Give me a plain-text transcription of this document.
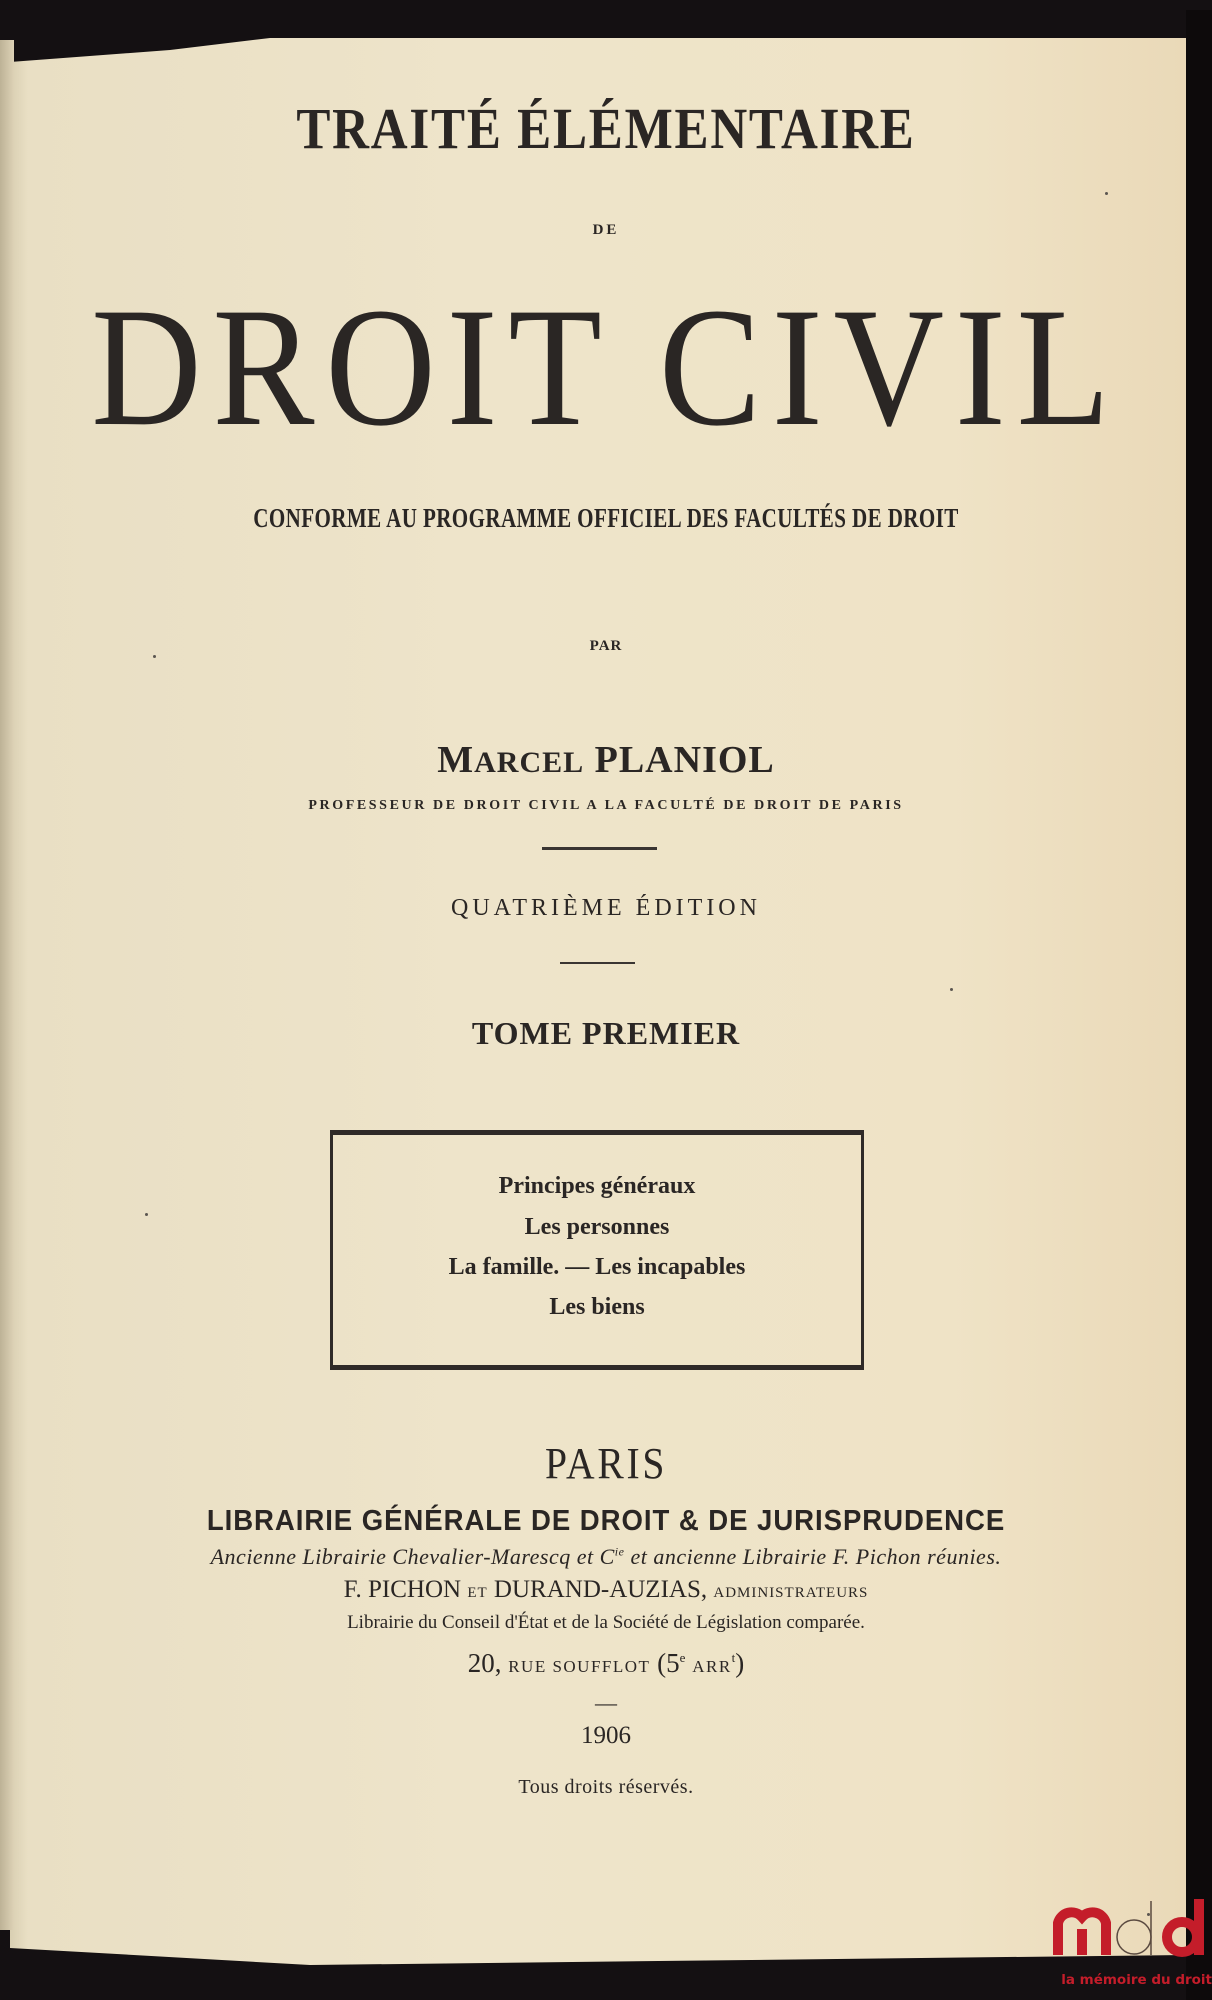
TRAITÉ ÉLÉMENTAIRE
DE
DROIT CIVIL
CONFORME AU PROGRAMME OFFICIEL DES FACULTÉS DE DROIT
PAR
MARCEL PLANIOL
PROFESSEUR DE DROIT CIVIL A LA FACULTÉ DE DROIT DE PARIS
QUATRIÈME ÉDITION
TOME PREMIER
Principes généraux
Les personnes
La famille. — Les incapables
Les biens
PARIS
LIBRAIRIE GÉNÉRALE DE DROIT & DE JURISPRUDENCE
Ancienne Librairie Chevalier-Marescq et $C^{ie}$ et ancienne Librairie F. Pichon réunies.
F. PICHON ET DURAND-AUZIAS, ADMINISTRATEURS
Librairie du Conseil d'État et de la Société de Législation comparée.
20, RUE SOUFFLOT (5e ARR$^t$)
—
1906
Tous droits réservés.
la mémoire du droit
